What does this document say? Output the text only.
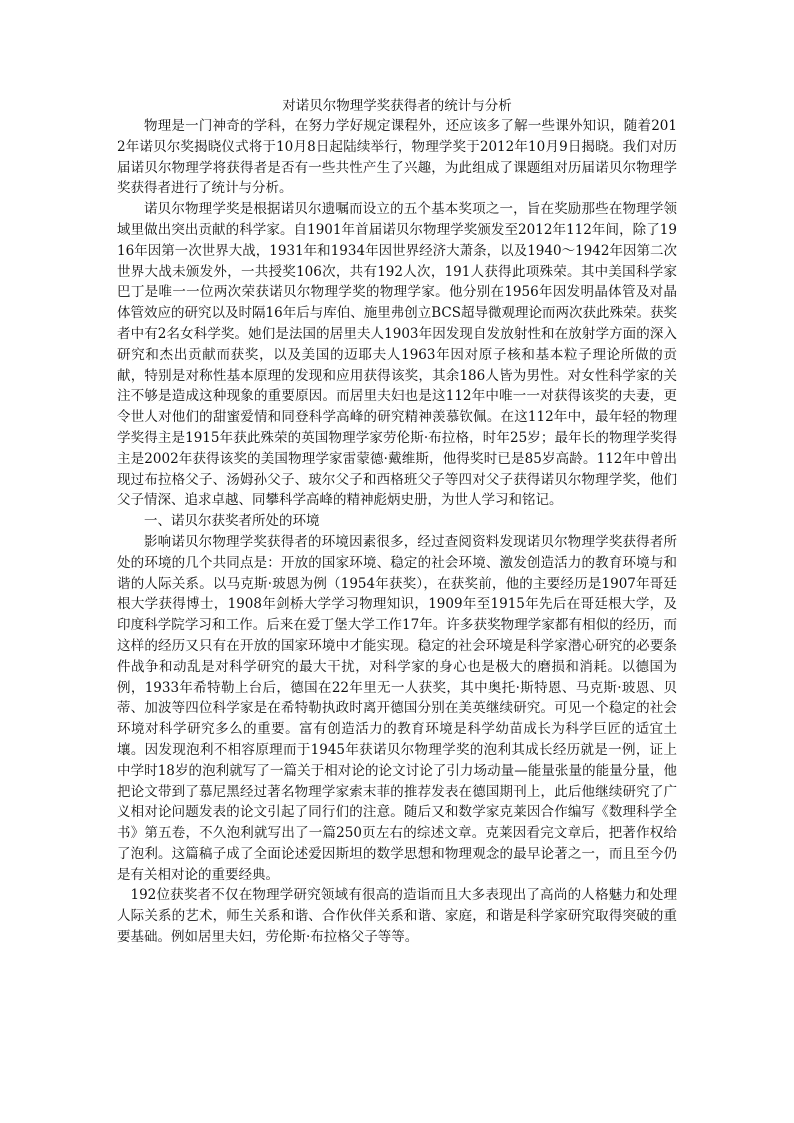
对诺贝尔物理学奖获得者的统计与分析

物理是一门神奇的学科，在努力学好规定课程外，还应该多了解一些课外知识，随着2012年诺贝尔奖揭晓仪式将于10月8日起陆续举行，物理学奖于2012年10月9日揭晓。我们对历届诺贝尔物理学将获得者是否有一些共性产生了兴趣，为此组成了课题组对历届诺贝尔物理学奖获得者进行了统计与分析。

诺贝尔物理学奖是根据诺贝尔遗嘱而设立的五个基本奖项之一，旨在奖励那些在物理学领域里做出突出贡献的科学家。自1901年首届诺贝尔物理学奖颁发至2012年112年间，除了1916年因第一次世界大战，1931年和1934年因世界经济大萧条，以及1940～1942年因第二次世界大战未颁发外，一共授奖106次，共有192人次，191人获得此项殊荣。其中美国科学家巴丁是唯一一位两次荣获诺贝尔物理学奖的物理学家。他分别在1956年因发明晶体管及对晶体管效应的研究以及时隔16年后与库伯、施里弗创立BCS超导微观理论而两次获此殊荣。获奖者中有2名女科学奖。她们是法国的居里夫人1903年因发现自发放射性和在放射学方面的深入研究和杰出贡献而获奖，以及美国的迈耶夫人1963年因对原子核和基本粒子理论所做的贡献，特别是对称性基本原理的发现和应用获得该奖，其余186人皆为男性。对女性科学家的关注不够是造成这种现象的重要原因。而居里夫妇也是这112年中唯一一对获得该奖的夫妻，更令世人对他们的甜蜜爱情和同登科学高峰的研究精神羡慕钦佩。在这112年中，最年轻的物理学奖得主是1915年获此殊荣的英国物理学家劳伦斯·布拉格，时年25岁；最年长的物理学奖得主是2002年获得该奖的美国物理学家雷蒙德·戴维斯，他得奖时已是85岁高龄。112年中曾出现过布拉格父子、汤姆孙父子、玻尔父子和西格班父子等四对父子获得诺贝尔物理学奖，他们父子情深、追求卓越、同攀科学高峰的精神彪炳史册，为世人学习和铭记。

一、诺贝尔获奖者所处的环境

影响诺贝尔物理学奖获得者的环境因素很多，经过查阅资料发现诺贝尔物理学奖获得者所处的环境的几个共同点是：开放的国家环境、稳定的社会环境、激发创造活力的教育环境与和谐的人际关系。以马克斯·玻恩为例（1954年获奖），在获奖前，他的主要经历是1907年哥廷根大学获得博士，1908年剑桥大学学习物理知识，1909年至1915年先后在哥廷根大学，及印度科学院学习和工作。后来在爱丁堡大学工作17年。许多获奖物理学家都有相似的经历，而这样的经历又只有在开放的国家环境中才能实现。稳定的社会环境是科学家潜心研究的必要条件战争和动乱是对科学研究的最大干扰，对科学家的身心也是极大的磨损和消耗。以德国为例，1933年希特勒上台后，德国在22年里无一人获奖，其中奥托·斯特恩、马克斯·玻恩、贝蒂、加波等四位科学家是在希特勒执政时离开德国分别在美英继续研究。可见一个稳定的社会环境对科学研究多么的重要。富有创造活力的教育环境是科学幼苗成长为科学巨匠的适宜土壤。因发现泡利不相容原理而于1945年获诺贝尔物理学奖的泡利其成长经历就是一例，证上中学时18岁的泡利就写了一篇关于相对论的论文讨论了引力场动量—能量张量的能量分量，他把论文带到了慕尼黑经过著名物理学家索末菲的推荐发表在德国期刊上，此后他继续研究了广义相对论问题发表的论文引起了同行们的注意。随后又和数学家克莱因合作编写《数理科学全书》第五卷，不久泡利就写出了一篇250页左右的综述文章。克莱因看完文章后，把著作权给了泡利。这篇稿子成了全面论述爱因斯坦的数学思想和物理观念的最早论著之一，而且至今仍是有关相对论的重要经典。

192位获奖者不仅在物理学研究领域有很高的造诣而且大多表现出了高尚的人格魅力和处理人际关系的艺术，师生关系和谐、合作伙伴关系和谐、家庭，和谐是科学家研究取得突破的重要基础。例如居里夫妇，劳伦斯·布拉格父子等等。
